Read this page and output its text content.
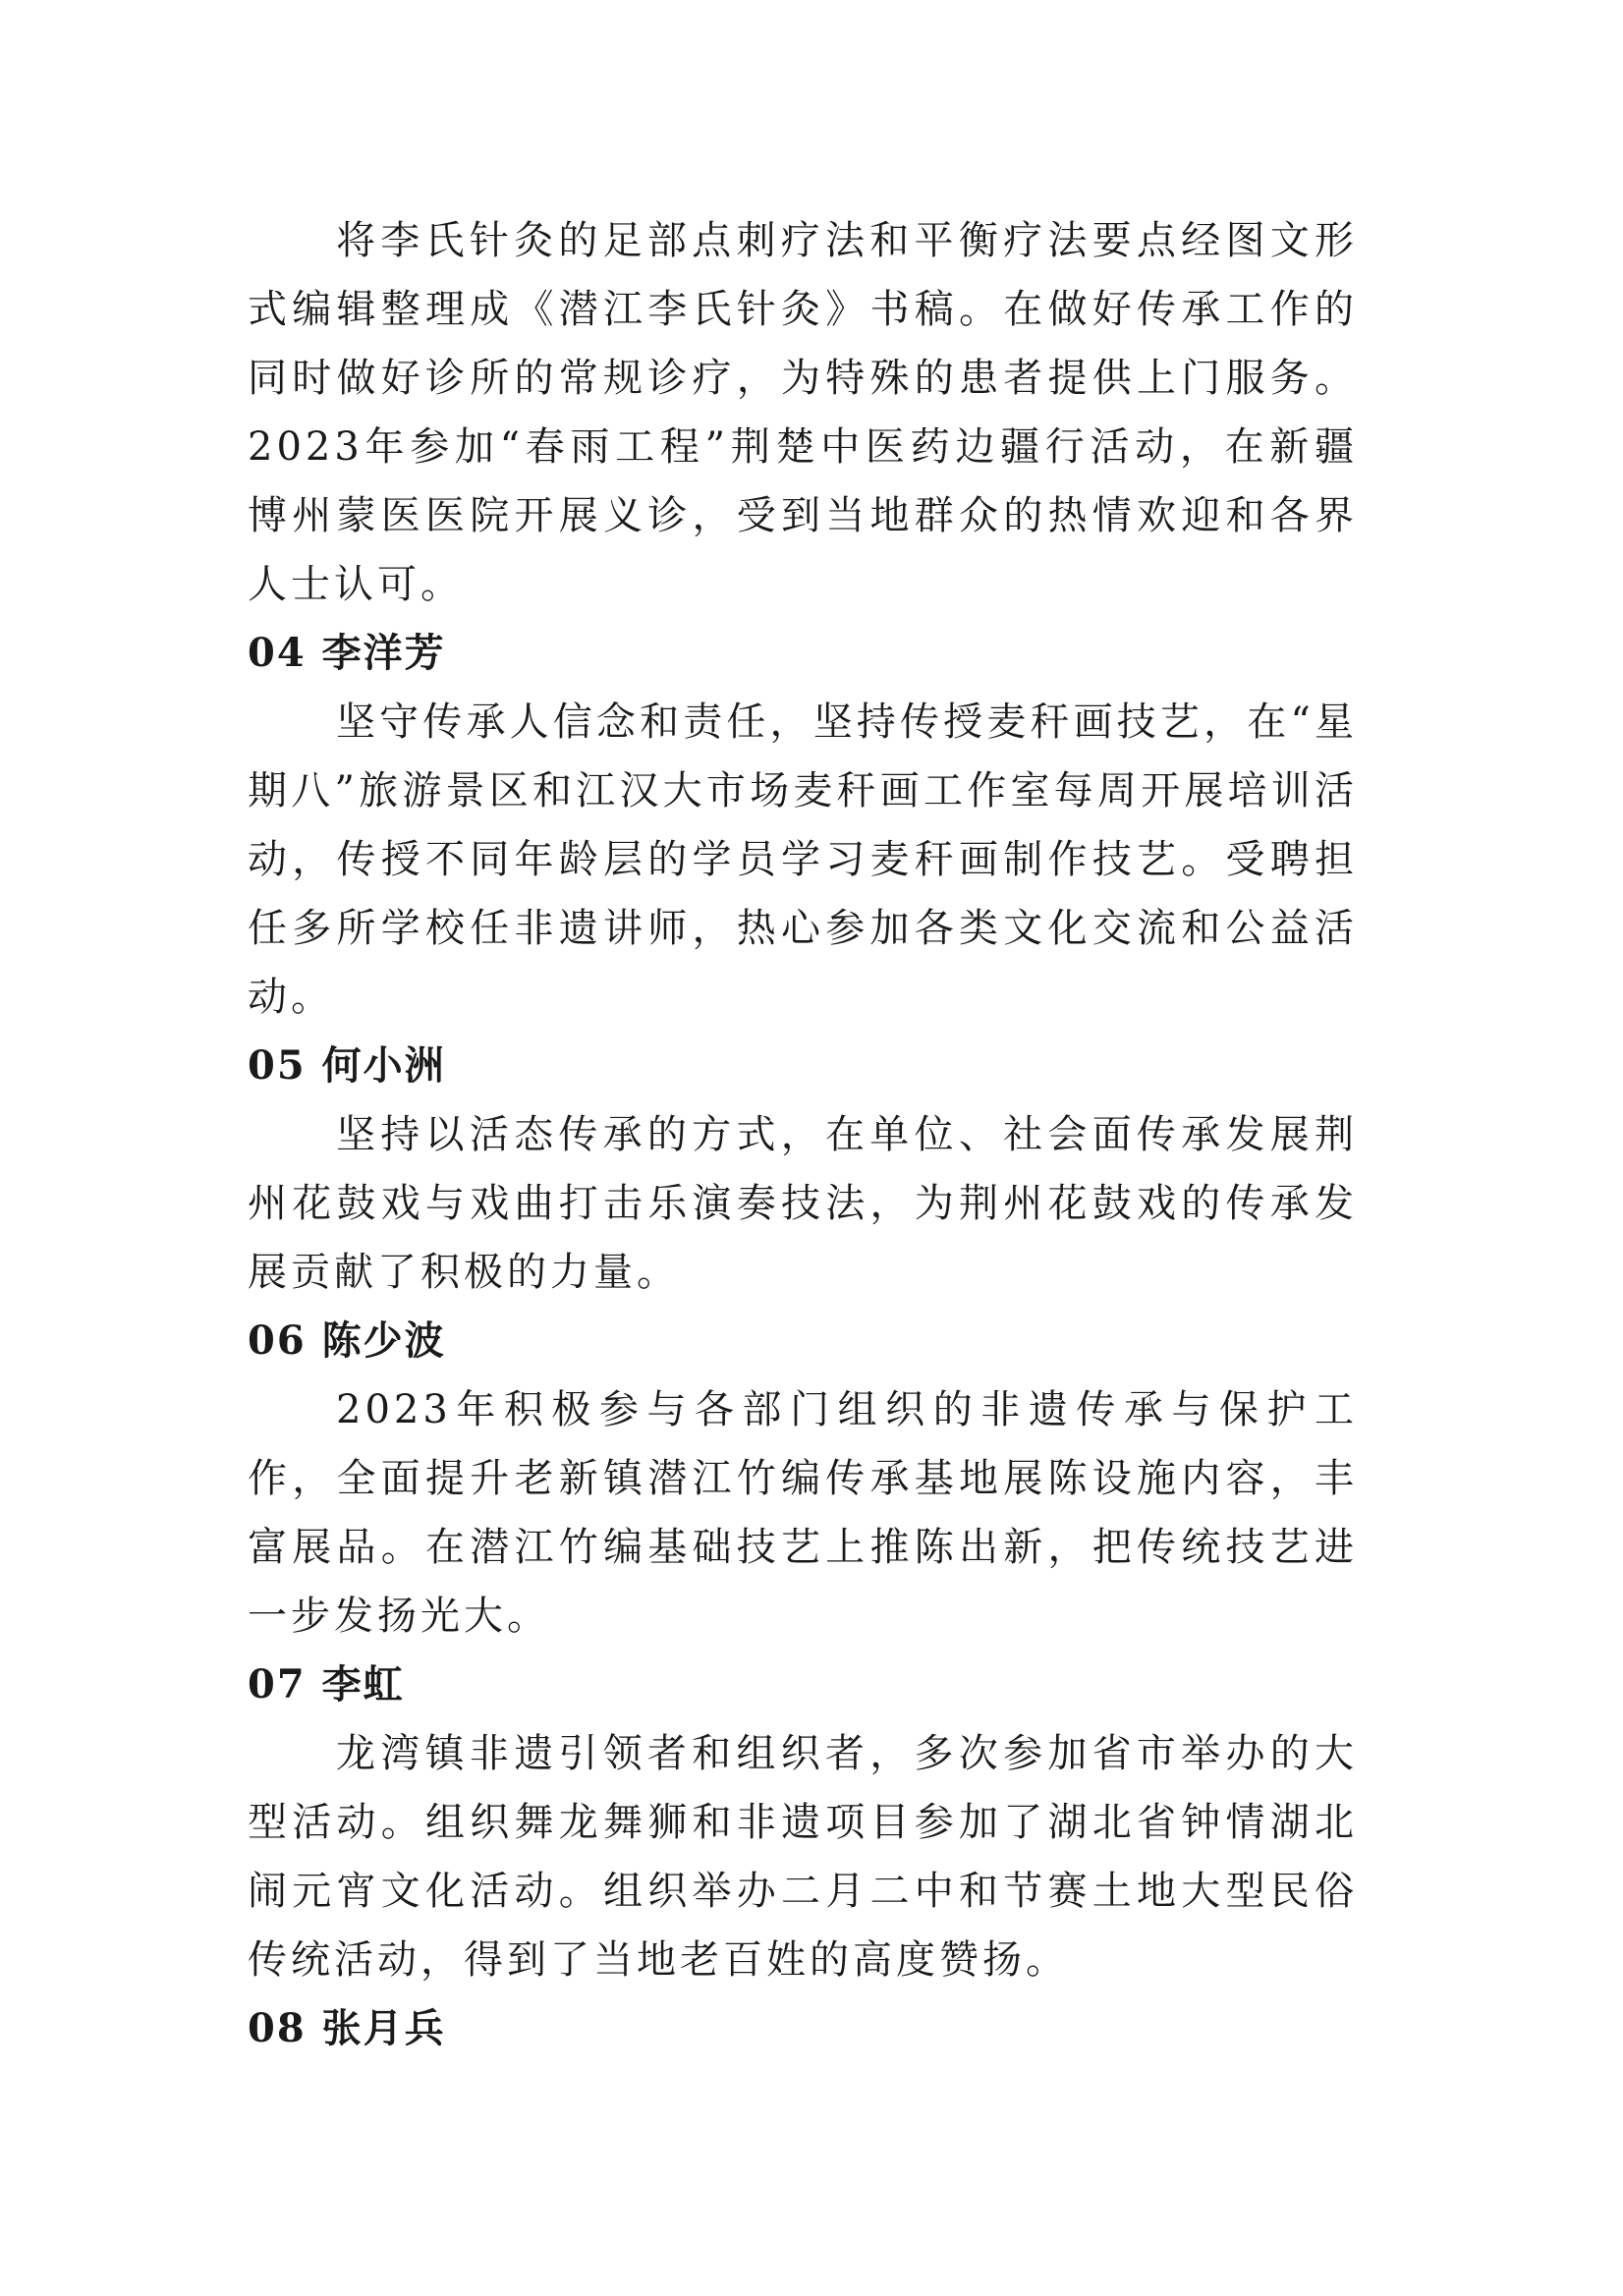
将李氏针灸的足部点刺疗法和平衡疗法要点经图文形式编辑整理成《潜江李氏针灸》书稿。在做好传承工作的同时做好诊所的常规诊疗，为特殊的患者提供上门服务。2023年参加“春雨工程”荆楚中医药边疆行活动，在新疆博州蒙医医院开展义诊，受到当地群众的热情欢迎和各界人士认可。

04 李洋芳

坚守传承人信念和责任，坚持传授麦秆画技艺，在“星期八”旅游景区和江汉大市场麦秆画工作室每周开展培训活动，传授不同年龄层的学员学习麦秆画制作技艺。受聘担任多所学校任非遗讲师，热心参加各类文化交流和公益活动。

05 何小洲

坚持以活态传承的方式，在单位、社会面传承发展荆州花鼓戏与戏曲打击乐演奏技法，为荆州花鼓戏的传承发展贡献了积极的力量。

06 陈少波

2023年积极参与各部门组织的非遗传承与保护工作，全面提升老新镇潜江竹编传承基地展陈设施内容，丰富展品。在潜江竹编基础技艺上推陈出新，把传统技艺进一步发扬光大。

07 李虹

龙湾镇非遗引领者和组织者，多次参加省市举办的大型活动。组织舞龙舞狮和非遗项目参加了湖北省钟情湖北闹元宵文化活动。组织举办二月二中和节赛土地大型民俗传统活动，得到了当地老百姓的高度赞扬。

08 张月兵
